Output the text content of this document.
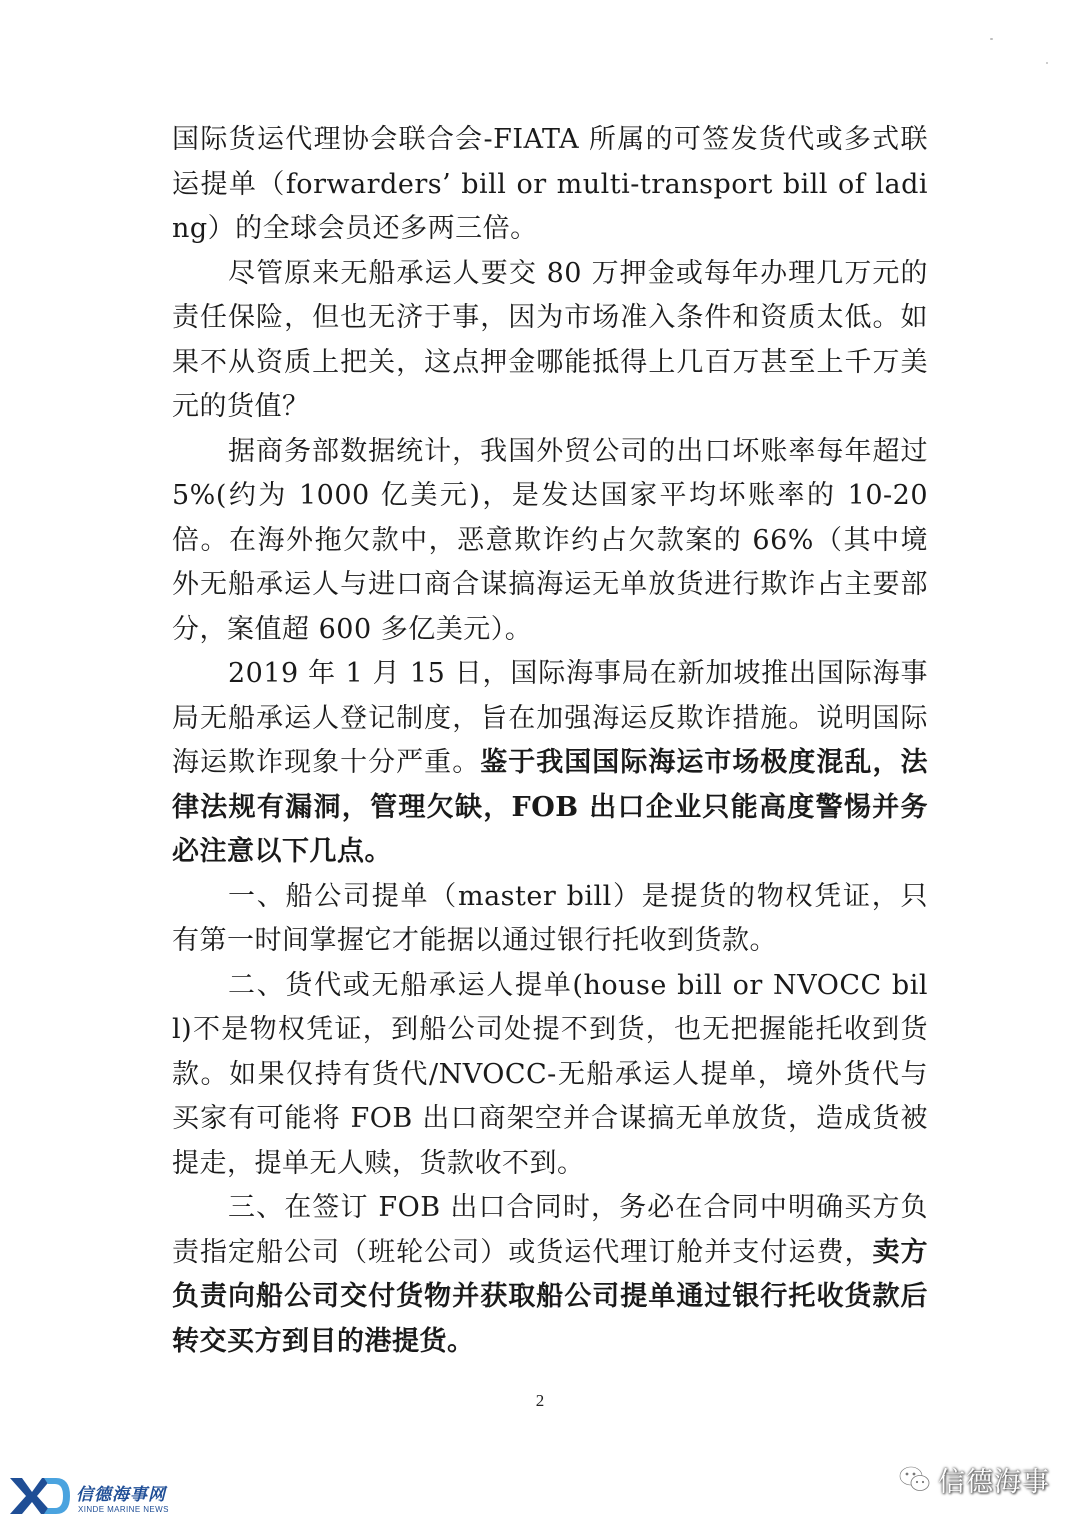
国际货运代理协会联合会-FIATA 所属的可签发货代或多式联运提单（forwarders’ bill or multi-transport bill of lading）的全球会员还多两三倍。

尽管原来无船承运人要交 80 万押金或每年办理几万元的责任保险，但也无济于事，因为市场准入条件和资质太低。如果不从资质上把关，这点押金哪能抵得上几百万甚至上千万美元的货值？

据商务部数据统计，我国外贸公司的出口坏账率每年超过 5%(约为 1000 亿美元)，是发达国家平均坏账率的 10-20 倍。在海外拖欠款中，恶意欺诈约占欠款案的 66%（其中境外无船承运人与进口商合谋搞海运无单放货进行欺诈占主要部分，案值超 600 多亿美元）。

2019 年 1 月 15 日，国际海事局在新加坡推出国际海事局无船承运人登记制度，旨在加强海运反欺诈措施。说明国际海运欺诈现象十分严重。鉴于我国国际海运市场极度混乱，法律法规有漏洞，管理欠缺，FOB 出口企业只能高度警惕并务必注意以下几点。

一、船公司提单（master bill）是提货的物权凭证，只有第一时间掌握它才能据以通过银行托收到货款。

二、货代或无船承运人提单(house bill or NVOCC bill)不是物权凭证，到船公司处提不到货，也无把握能托收到货款。如果仅持有货代/NVOCC-无船承运人提单，境外货代与买家有可能将 FOB 出口商架空并合谋搞无单放货，造成货被提走，提单无人赎，货款收不到。

三、在签订 FOB 出口合同时，务必在合同中明确买方负责指定船公司（班轮公司）或货运代理订舱并支付运费，卖方负责向船公司交付货物并获取船公司提单通过银行托收货款后转交买方到目的港提货。

2
信德海事网
XINDE MARINE NEWS
信德海事
